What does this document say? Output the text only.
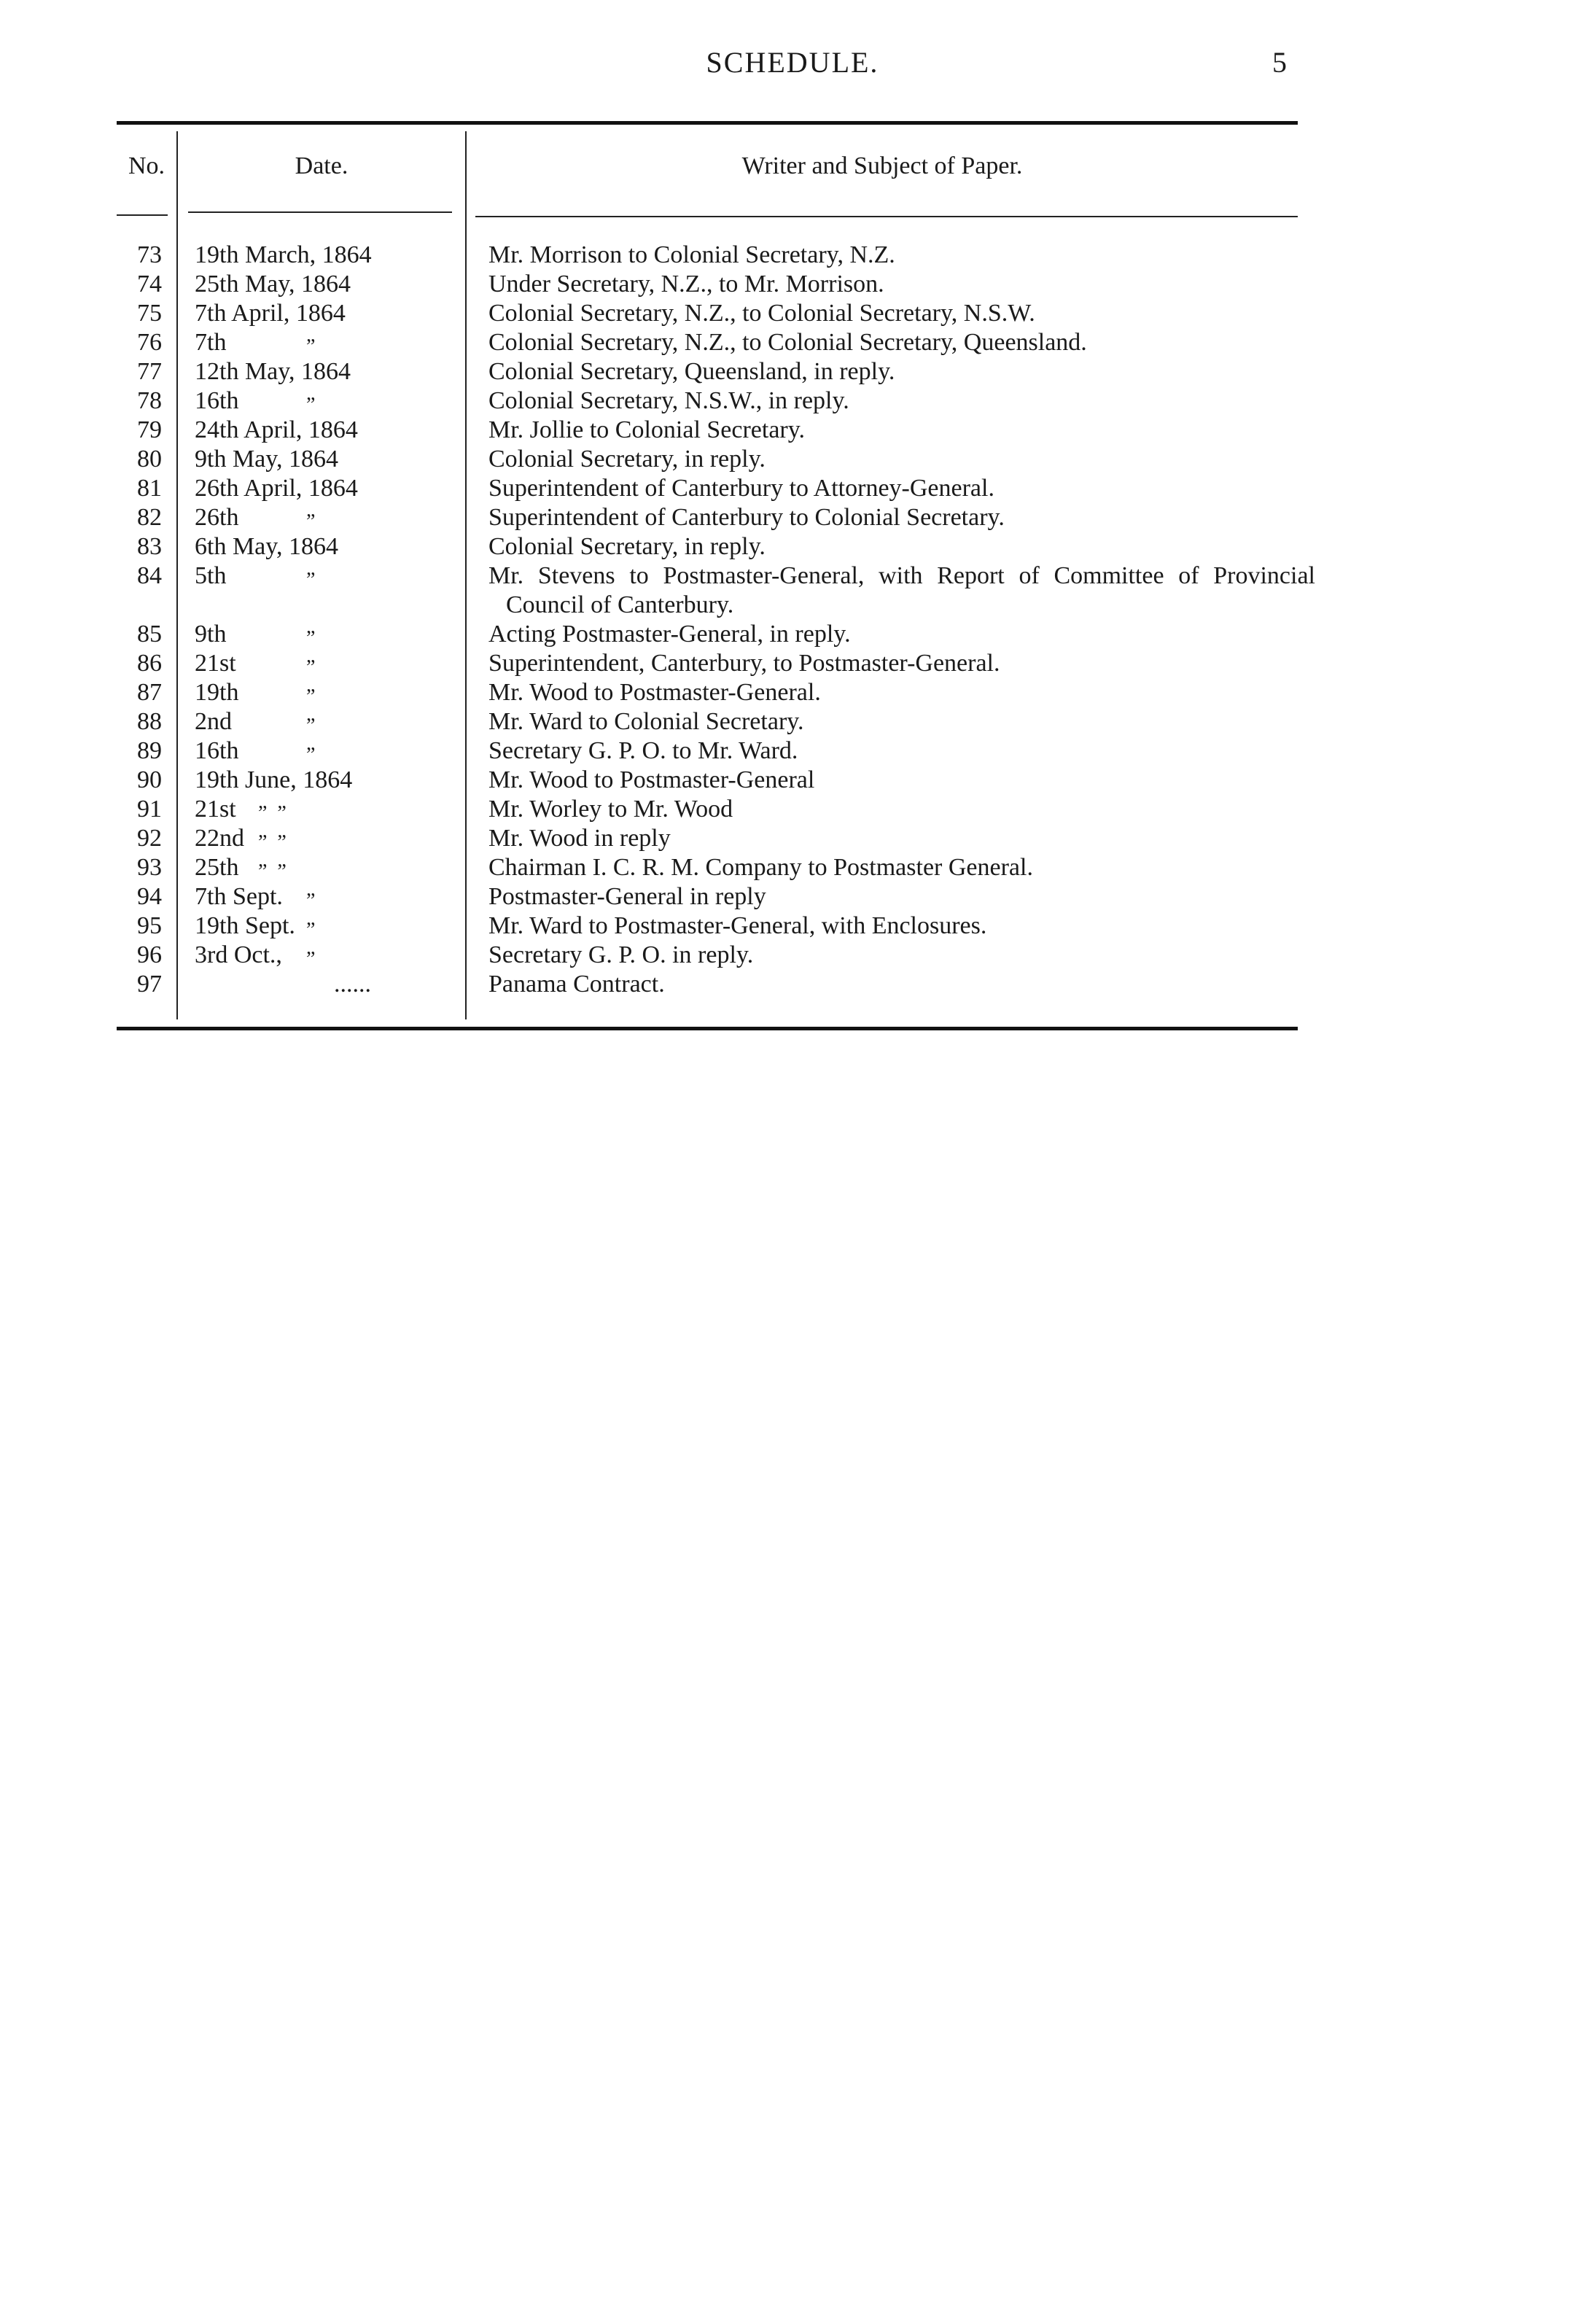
SCHEDULE.	5
No.	Date.	Writer and Subject of Paper.
73 19th March, 1864	Mr. Morrison to Colonial Secretary, N.Z.
74 25th May, 1864	Under Secretary, N.Z., to Mr. Morrison.
75 7th April, 1864	Colonial Secretary, N.Z., to Colonial Secretary, N.S.W.
76 7th	”	Colonial Secretary, N.Z., to Colonial Secretary, Queensland.
77 12th May, 1864	Colonial Secretary, Queensland, in reply.
78 16th	”	Colonial Secretary, N.S.W., in reply.
79 24th April, 1864	Mr. Jollie to Colonial Secretary.
80 9th May, 1864	Colonial Secretary, in reply.
81 26th April, 1864	Superintendent of Canterbury to Attorney-General.
82 26th	”	Superintendent of Canterbury to Colonial Secretary.
83 6th May, 1864	Colonial Secretary, in reply.
84 5th	”	Mr. Stevens to Postmaster-General, with Report of Committee of Provincial Council of Canterbury.
85 9th	”	Acting Postmaster-General, in reply.
86 21st	”	Superintendent, Canterbury, to Postmaster-General.
87 19th	”	Mr. Wood to Postmaster-General.
88 2nd	”	Mr. Ward to Colonial Secretary.
89 16th	”	Secretary G. P. O. to Mr. Ward.
90 19th June, 1864	Mr. Wood to Postmaster-General
91 21st ”  ”	Mr. Worley to Mr. Wood
92 22nd ”  ”	Mr. Wood in reply
93 25th ”  ”	Chairman I. C. R. M. Company to Postmaster General.
94 7th Sept. ”	Postmaster-General in reply
95 19th Sept. ”	Mr. Ward to Postmaster-General, with Enclosures.
96 3rd Oct., ”	Secretary G. P. O. in reply.
97	......	Panama Contract.
